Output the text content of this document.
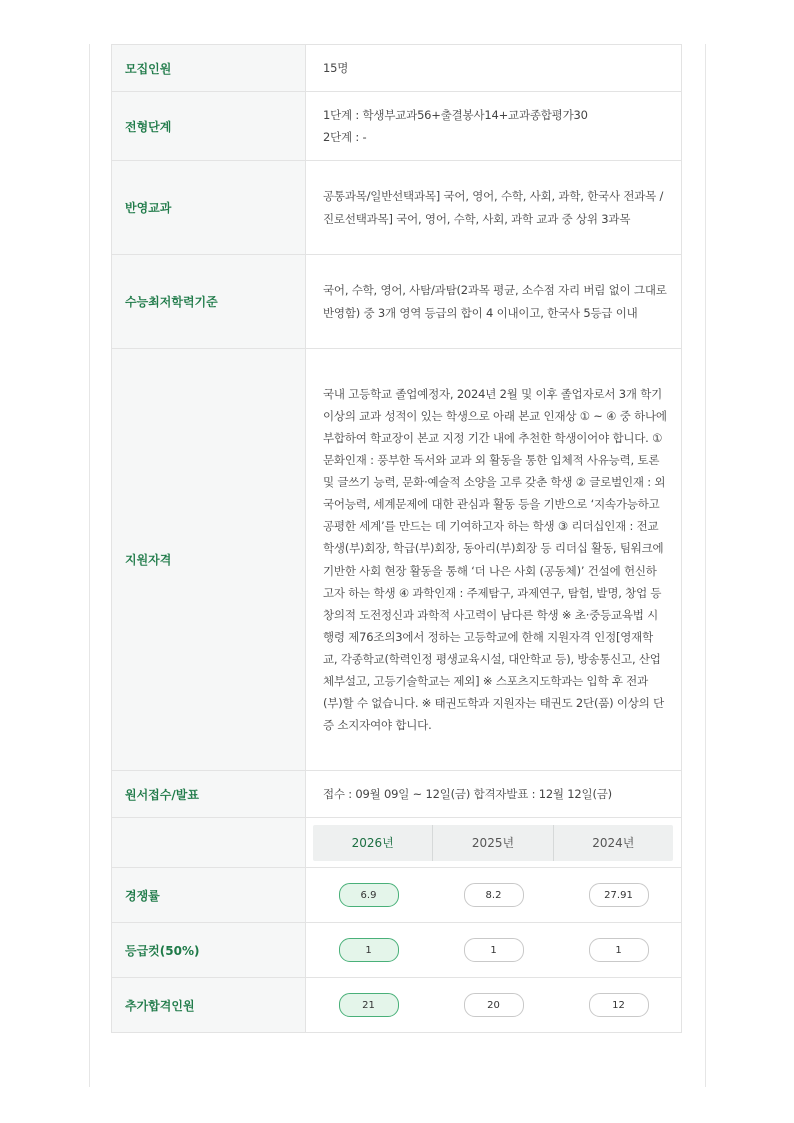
모집인원	15명
전형단계	1단계 : 학생부교과56+출결봉사14+교과종합평가30
2단계 : -
반영교과	공통과목/일반선택과목] 국어, 영어, 수학, 사회, 과학, 한국사 전과목 / 진로선택과목] 국어, 영어, 수학, 사회, 과학 교과 중 상위 3과목
수능최저학력기준	국어, 수학, 영어, 사탐/과탐(2과목 평균, 소수점 자리 버림 없이 그대로 반영함) 중 3개 영역 등급의 합이 4 이내이고, 한국사 5등급 이내
지원자격	국내 고등학교 졸업예정자, 2024년 2월 및 이후 졸업자로서 3개 학기 이상의 교과 성적이 있는 학생으로 아래 본교 인재상 ① ~ ④ 중 하나에 부합하여 학교장이 본교 지정 기간 내에 추천한 학생이어야 합니다. ① 문화인재 : 풍부한 독서와 교과 외 활동을 통한 입체적 사유능력, 토론 및 글쓰기 능력, 문화·예술적 소양을 고루 갖춘 학생 ② 글로벌인재 : 외국어능력, 세계문제에 대한 관심과 활동 등을 기반으로 ‘지속가능하고 공평한 세계’를 만드는 데 기여하고자 하는 학생 ③ 리더십인재 : 전교학생(부)회장, 학급(부)회장, 동아리(부)회장 등 리더십 활동, 팀워크에 기반한 사회 현장 활동을 통해 ‘더 나은 사회 (공동체)’ 건설에 헌신하고자 하는 학생 ④ 과학인재 : 주제탐구, 과제연구, 탐험, 발명, 창업 등 창의적 도전정신과 과학적 사고력이 남다른 학생 ※ 초·중등교육법 시행령 제76조의3에서 정하는 고등학교에 한해 지원자격 인정[영재학교, 각종학교(학력인정 평생교육시설, 대안학교 등), 방송통신고, 산업체부설고, 고등기술학교는 제외] ※ 스포츠지도학과는 입학 후 전과(부)할 수 없습니다. ※ 태권도학과 지원자는 태권도 2단(품) 이상의 단증 소지자여야 합니다.
원서접수/발표	접수 : 09월 09일 ~ 12일(금) 합격자발표 : 12월 12일(금)

2026년 2025년 2024년

경쟁률	6.9 8.2 27.91

등급컷(50%)	1 1 1

추가합격인원	21 20 12
